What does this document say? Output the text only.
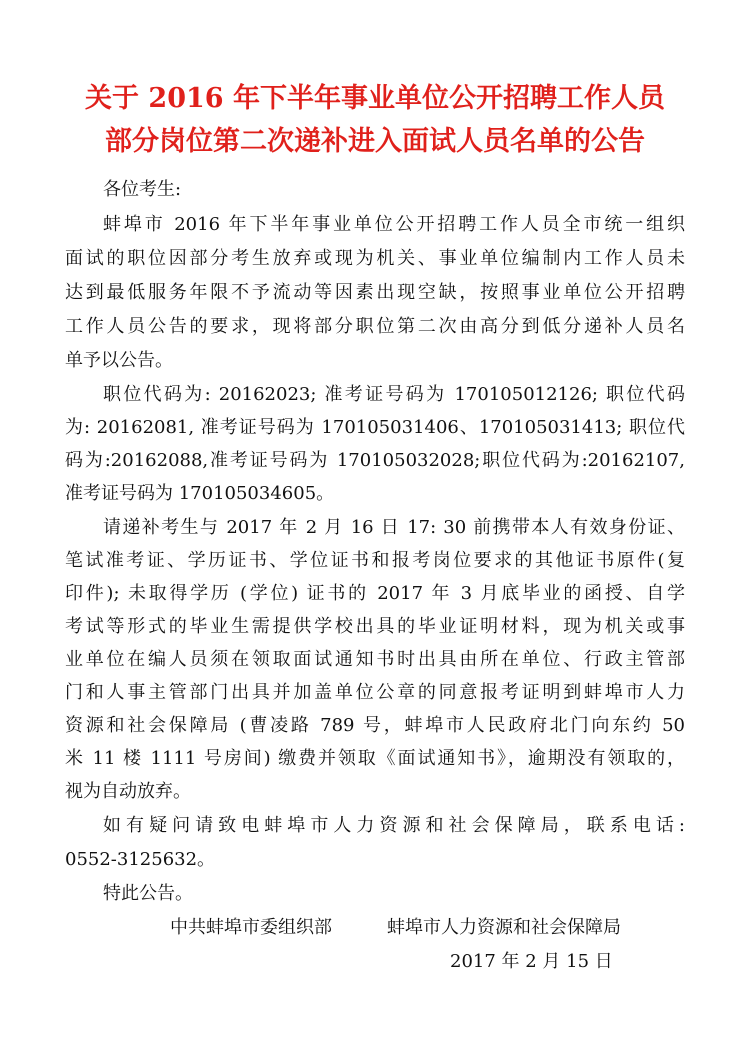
关于 2016 年下半年事业单位公开招聘工作人员
部分岗位第二次递补进入面试人员名单的公告
各位考生:
蚌埠市 2016 年下半年事业单位公开招聘工作人员全市统一组织
面试的职位因部分考生放弃或现为机关、事业单位编制内工作人员未
达到最低服务年限不予流动等因素出现空缺，按照事业单位公开招聘
工作人员公告的要求，现将部分职位第二次由高分到低分递补人员名
单予以公告。
职位代码为: 20162023; 准考证号码为 170105012126; 职位代码
为: 20162081, 准考证号码为 170105031406、170105031413; 职位代
码为:20162088,准考证号码为 170105032028;职位代码为:20162107,
准考证号码为 170105034605。
请递补考生与 2017 年 2 月 16 日 17: 30 前携带本人有效身份证、
笔试准考证、学历证书、学位证书和报考岗位要求的其他证书原件(复
印件); 未取得学历 (学位) 证书的 2017 年 3 月底毕业的函授、自学
考试等形式的毕业生需提供学校出具的毕业证明材料，现为机关或事
业单位在编人员须在领取面试通知书时出具由所在单位、行政主管部
门和人事主管部门出具并加盖单位公章的同意报考证明到蚌埠市人力
资源和社会保障局 (曹凌路 789 号，蚌埠市人民政府北门向东约 50
米 11 楼 1111 号房间) 缴费并领取《面试通知书》，逾期没有领取的，
视为自动放弃。
如有疑问请致电蚌埠市人力资源和社会保障局，联系电话:
0552-3125632。
特此公告。
中共蚌埠市委组织部	蚌埠市人力资源和社会保障局
2017 年 2 月 15 日
